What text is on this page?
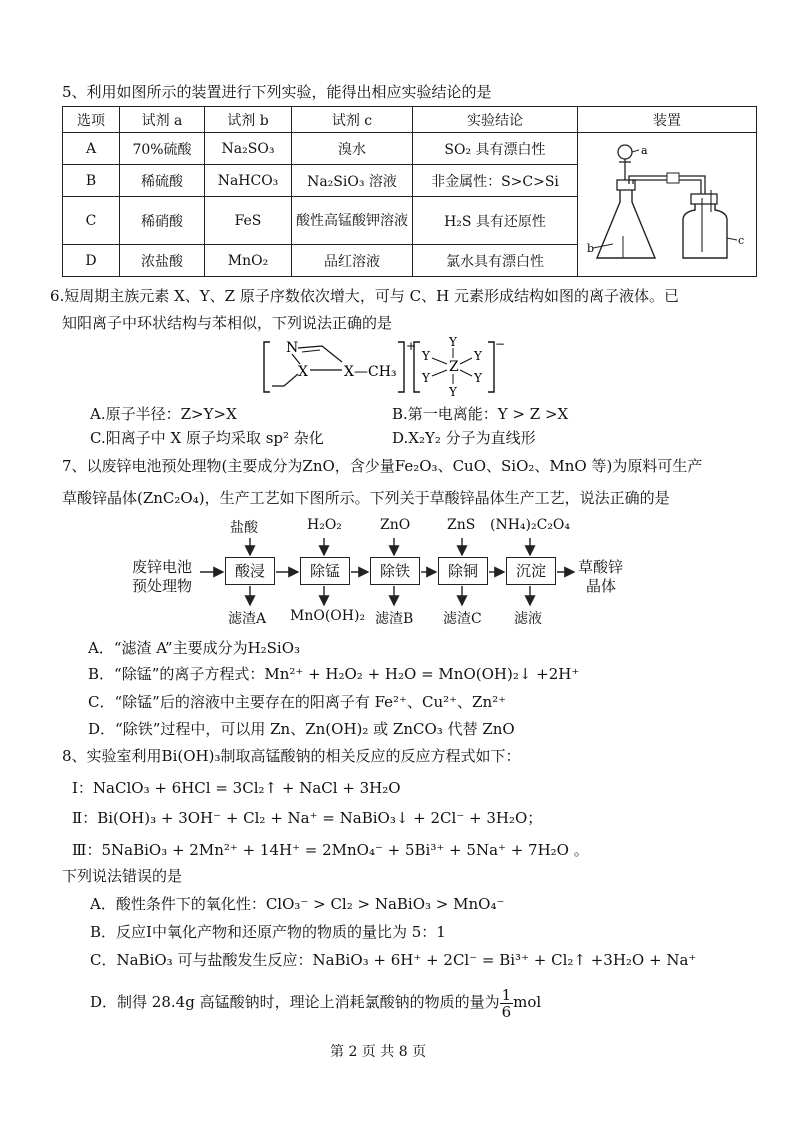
5、利用如图所示的装置进行下列实验，能得出相应实验结论的是
选项	试剂 a	试剂 b	试剂 c	实验结论	装置
A	70%硫酸	Na₂SO₃	溴水	SO₂ 具有漂白性	a
b
c

B	稀硫酸	NaHCO₃	Na₂SiO₃ 溶液	非金属性：S>C>Si	
C	稀硝酸	FeS	酸性高锰酸钾溶液	H₂S 具有还原性	
D	浓盐酸	MnO₂	品红溶液	氯水具有漂白性	
6.短周期主族元素 X、Y、Z 原子序数依次增大，可与 C、H 元素形成结构如图的离子液体。已
知阳离子中环状结构与苯相似，下列说法正确的是
+
N
X	X —CH₃
−
Y
Y	Y
Z
Y	Y
Y
A.原子半径：Z>Y>X	B.第一电离能：Y > Z >X
C.阳离子中 X 原子均采取 sp² 杂化	D.X₂Y₂ 分子为直线形
7、以废锌电池预处理物(主要成分为ZnO，含少量Fe₂O₃、CuO、SiO₂、MnO 等)为原料可生产
草酸锌晶体(ZnC₂O₄)，生产工艺如下图所示。下列关于草酸锌晶体生产工艺，说法正确的是
废锌电池
预处理物
酸浸	除锰	除铁	除铜	沉淀
盐酸	H₂O₂	ZnO	ZnS (NH₄)₂C₂O₄
滤渣A MnO(OH)₂ 滤渣B 滤渣C 滤液
草酸锌
晶体
A．“滤渣 A”主要成分为H₂SiO₃
B．“除锰”的离子方程式：Mn²⁺ + H₂O₂ + H₂O = MnO(OH)₂↓ +2H⁺
C．“除锰”后的溶液中主要存在的阳离子有 Fe²⁺、Cu²⁺、Zn²⁺
D．“除铁”过程中，可以用 Zn、Zn(OH)₂ 或 ZnCO₃ 代替 ZnO
8、实验室利用Bi(OH)₃制取高锰酸钠的相关反应的反应方程式如下：
Ⅰ：NaClO₃ + 6HCl = 3Cl₂↑ + NaCl + 3H₂O
Ⅱ：Bi(OH)₃ + 3OH⁻ + Cl₂ + Na⁺ = NaBiO₃↓ + 2Cl⁻ + 3H₂O；
Ⅲ：5NaBiO₃ + 2Mn²⁺ + 14H⁺ = 2MnO₄⁻ + 5Bi³⁺ + 5Na⁺ + 7H₂O 。
下列说法错误的是
A．酸性条件下的氧化性：ClO₃⁻ > Cl₂ > NaBiO₃ > MnO₄⁻
B．反应Ⅰ中氧化产物和还原产物的物质的量比为 5：1
C．NaBiO₃ 可与盐酸发生反应：NaBiO₃ + 6H⁺ + 2Cl⁻ = Bi³⁺ + Cl₂↑ +3H₂O + Na⁺
D．制得 28.4g 高锰酸钠时，理论上消耗氯酸钠的物质的量为 $\frac{1}{6}$ mol
第 2 页 共 8 页
